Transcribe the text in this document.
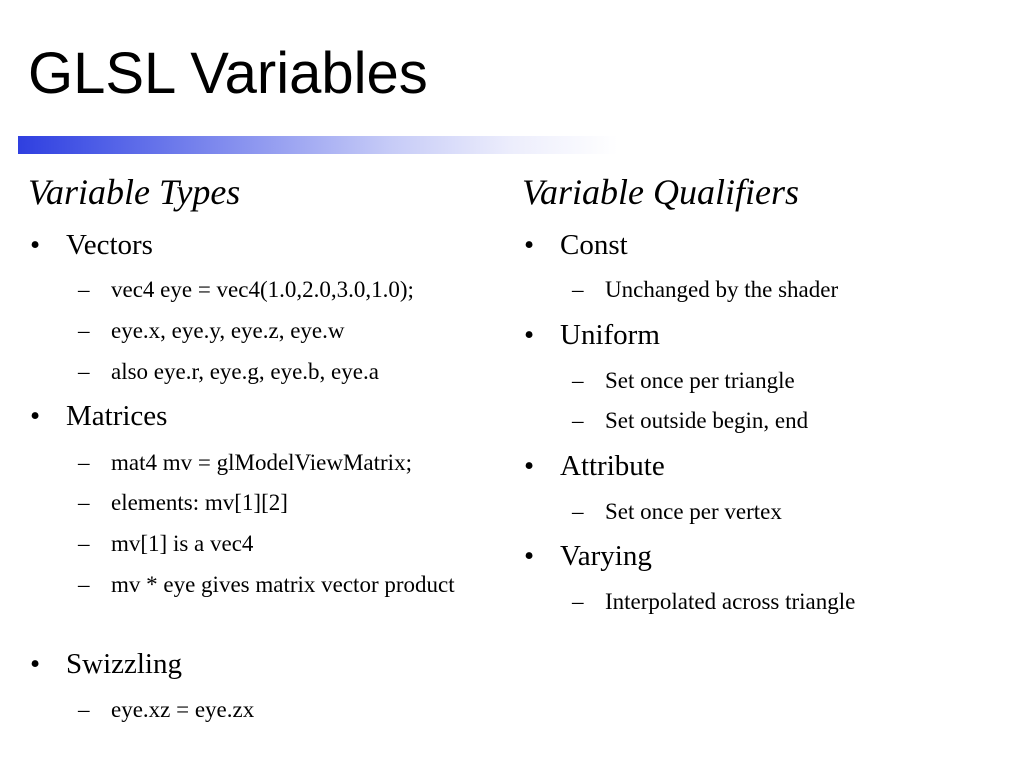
GLSL Variables
Variable Types
• Vectors
– vec4 eye = vec4(1.0,2.0,3.0,1.0);
– eye.x, eye.y, eye.z, eye.w
– also eye.r, eye.g, eye.b, eye.a
• Matrices
– mat4 mv = glModelViewMatrix;
– elements: mv[1][2]
– mv[1] is a vec4
– mv * eye gives matrix vector product
• Swizzling
– eye.xz = eye.zx
Variable Qualifiers
• Const
– Unchanged by the shader
• Uniform
– Set once per triangle
– Set outside begin, end
• Attribute
– Set once per vertex
• Varying
– Interpolated across triangle
